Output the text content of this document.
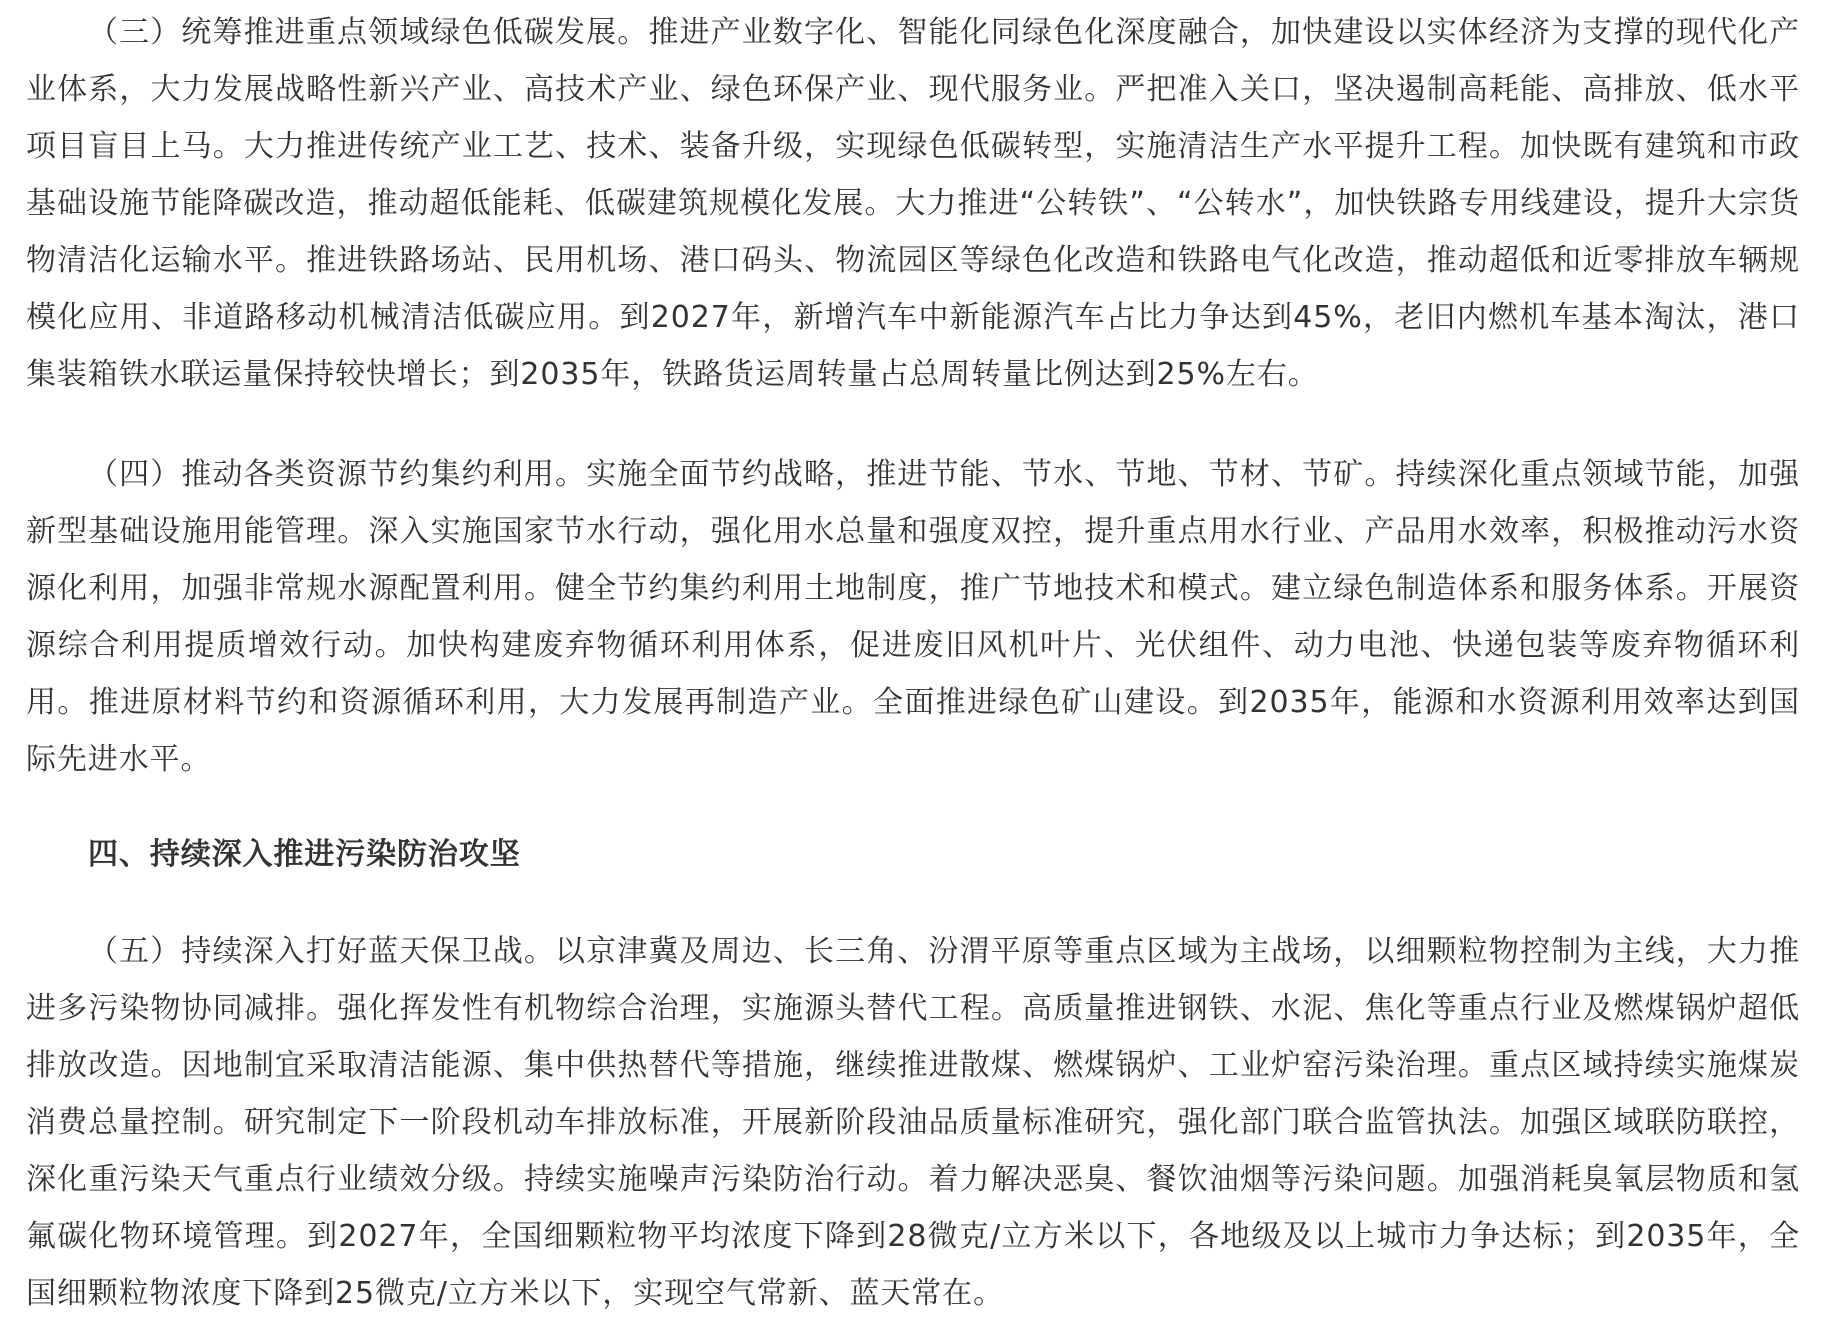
（三）统筹推进重点领域绿色低碳发展。推进产业数字化、智能化同绿色化深度融合，加快建设以实体经济为支撑的现代化产业体系，大力发展战略性新兴产业、高技术产业、绿色环保产业、现代服务业。严把准入关口，坚决遏制高耗能、高排放、低水平项目盲目上马。大力推进传统产业工艺、技术、装备升级，实现绿色低碳转型，实施清洁生产水平提升工程。加快既有建筑和市政基础设施节能降碳改造，推动超低能耗、低碳建筑规模化发展。大力推进“公转铁”、“公转水”，加快铁路专用线建设，提升大宗货物清洁化运输水平。推进铁路场站、民用机场、港口码头、物流园区等绿色化改造和铁路电气化改造，推动超低和近零排放车辆规模化应用、非道路移动机械清洁低碳应用。到2027年，新增汽车中新能源汽车占比力争达到45%，老旧内燃机车基本淘汰，港口集装箱铁水联运量保持较快增长；到2035年，铁路货运周转量占总周转量比例达到25%左右。

（四）推动各类资源节约集约利用。实施全面节约战略，推进节能、节水、节地、节材、节矿。持续深化重点领域节能，加强新型基础设施用能管理。深入实施国家节水行动，强化用水总量和强度双控，提升重点用水行业、产品用水效率，积极推动污水资源化利用，加强非常规水源配置利用。健全节约集约利用土地制度，推广节地技术和模式。建立绿色制造体系和服务体系。开展资源综合利用提质增效行动。加快构建废弃物循环利用体系，促进废旧风机叶片、光伏组件、动力电池、快递包装等废弃物循环利用。推进原材料节约和资源循环利用，大力发展再制造产业。全面推进绿色矿山建设。到2035年，能源和水资源利用效率达到国际先进水平。

四、持续深入推进污染防治攻坚

（五）持续深入打好蓝天保卫战。以京津冀及周边、长三角、汾渭平原等重点区域为主战场，以细颗粒物控制为主线，大力推进多污染物协同减排。强化挥发性有机物综合治理，实施源头替代工程。高质量推进钢铁、水泥、焦化等重点行业及燃煤锅炉超低排放改造。因地制宜采取清洁能源、集中供热替代等措施，继续推进散煤、燃煤锅炉、工业炉窑污染治理。重点区域持续实施煤炭消费总量控制。研究制定下一阶段机动车排放标准，开展新阶段油品质量标准研究，强化部门联合监管执法。加强区域联防联控，深化重污染天气重点行业绩效分级。持续实施噪声污染防治行动。着力解决恶臭、餐饮油烟等污染问题。加强消耗臭氧层物质和氢氟碳化物环境管理。到2027年，全国细颗粒物平均浓度下降到28微克/立方米以下，各地级及以上城市力争达标；到2035年，全国细颗粒物浓度下降到25微克/立方米以下，实现空气常新、蓝天常在。
